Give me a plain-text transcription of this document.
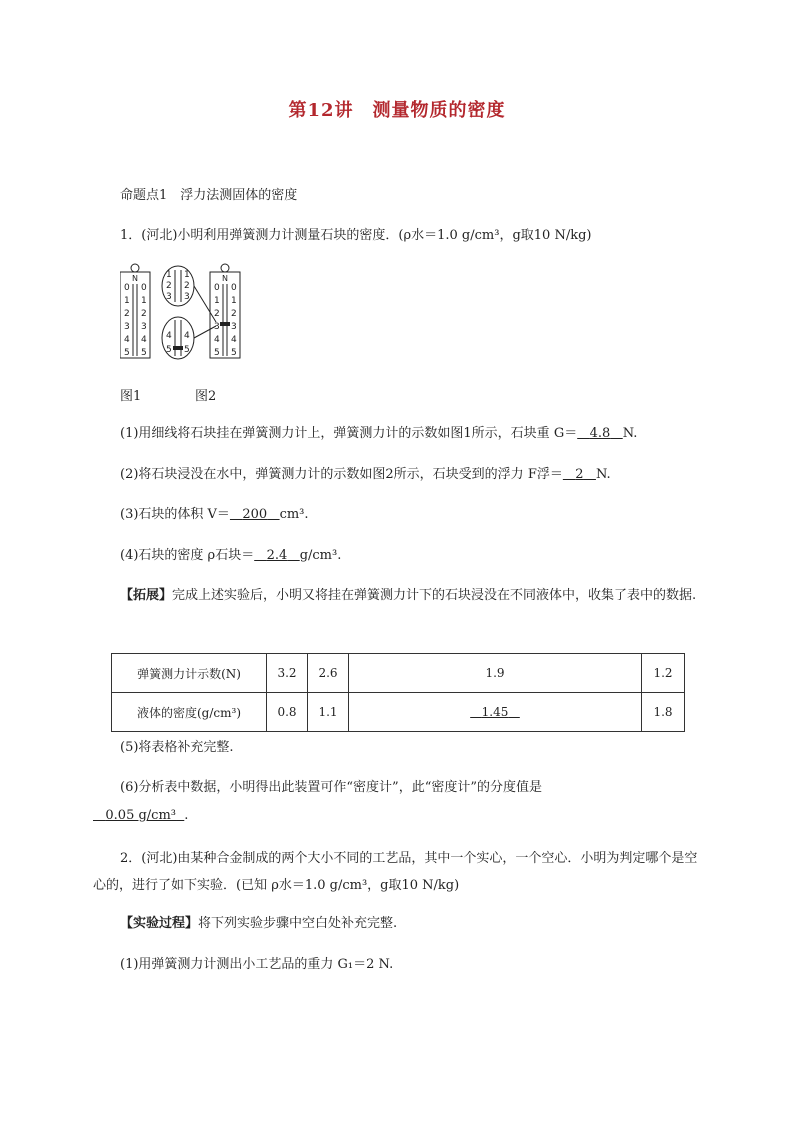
第12讲　测量物质的密度
命题点1　浮力法测固体的密度
1．(河北)小明利用弹簧测力计测量石块的密度．(ρ水＝1.0 g/cm³，g取10 N/kg)
N	N
0 0	0 0
1 1	1 1
2 2	2 2
3 3	3 3
4 4	4 4
5 5	5 5
1 1
2 2
3 3
4 4
5 5
图1	图2
(1)用细线将石块挂在弹簧测力计上，弹簧测力计的示数如图1所示，石块重 G＝ 4.8 N.
(2)将石块浸没在水中，弹簧测力计的示数如图2所示，石块受到的浮力 F浮＝ 2 N.
(3)石块的体积 V＝ 200 cm³.
(4)石块的密度 ρ石块＝ 2.4 g/cm³.
【拓展】完成上述实验后，小明又将挂在弹簧测力计下的石块浸没在不同液体中，收集了表中的数据.
弹簧测力计示数(N)	3.2	2.6	1.9	1.2
液体的密度(g/cm³)	0.8	1.1	1.45	1.8
(5)将表格补充完整.
(6)分析表中数据，小明得出此装置可作“密度计”，此“密度计”的分度值是
0.05 g/cm³ .
2．(河北)由某种合金制成的两个大小不同的工艺品，其中一个实心，一个空心．小明为判定哪个是空心的，进行了如下实验．(已知 ρ水＝1.0 g/cm³，g取10 N/kg)
【实验过程】将下列实验步骤中空白处补充完整.
(1)用弹簧测力计测出小工艺品的重力 G₁＝2 N.
